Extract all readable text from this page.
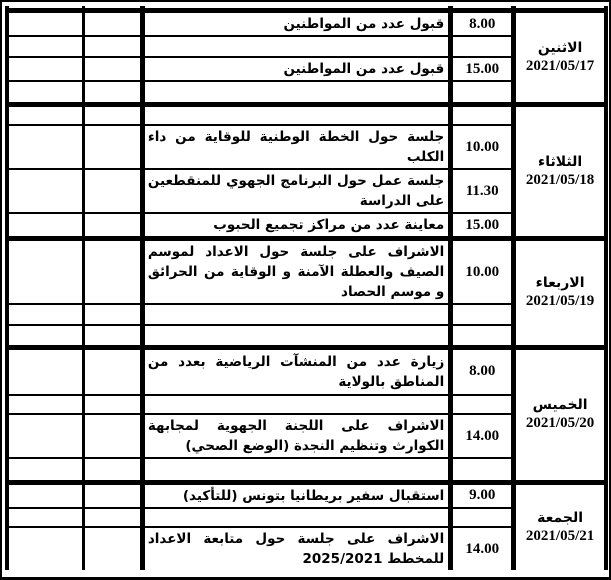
الاثنين
2021/05/17	8.00	قبول عدد من المواطنين		

	15.00	قبول عدد من المواطنين		

الثلاثاء
2021/05/18				

	10.00	جلسة حول الخطة الوطنية للوقاية من داء الكلب		
	11.30	جلسة عمل حول البرنامج الجهوي للمنقطعين على الدراسة		
	15.00	معاينة عدد من مراكز تجميع الحبوب		

الاربعاء
2021/05/19	10.00	الاشراف على جلسة حول الاعداد لموسم الصيف والعطلة الآمنة و الوقاية من الحرائق و موسم الحصاد		

الخميس
2021/05/20	8.00	زيارة عدد من المنشآت الرياضية بعدد من المناطق بالولاية		

	14.00	الاشراف على اللجنة الجهوية لمجابهة الكوارث وتنظيم النجدة (الوضع الصحي)		

الجمعة
2021/05/21	9.00	استقبال سفير بريطانيا بتونس (للتأكيد)		

	14.00	الاشراف على جلسة حول متابعة الاعداد للمخطط 2025/2021		
